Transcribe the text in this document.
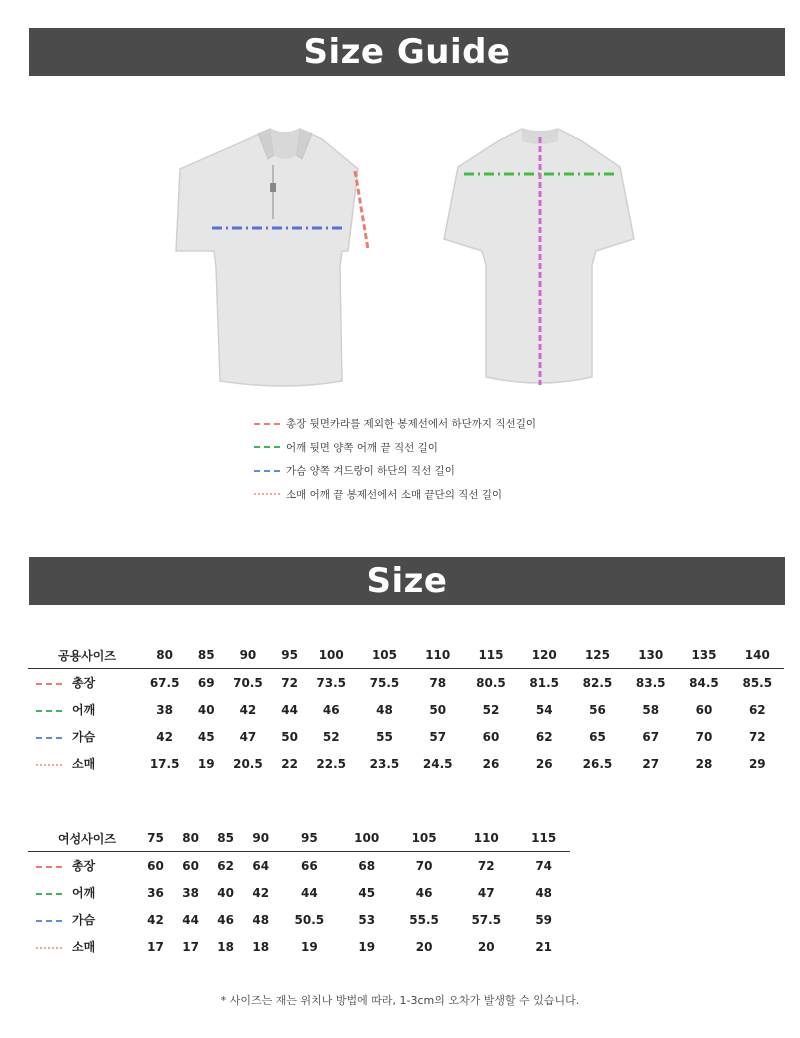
Size Guide
총장 뒷면카라를 제외한 봉제선에서 하단까지 직선길이
어깨 뒷면 양쪽 어깨 끝 직선 길이
가슴 양쪽 겨드랑이 하단의 직선 길이
소매 어깨 끝 봉제선에서 소매 끝단의 직선 길이
Size
공용사이즈	80	85	90	95	100	105	110	115	120	125	130	135	140
총장	67.5	69	70.5	72	73.5	75.5	78	80.5	81.5	82.5	83.5	84.5	85.5
어깨	38	40	42	44	46	48	50	52	54	56	58	60	62
가슴	42	45	47	50	52	55	57	60	62	65	67	70	72
소매	17.5	19	20.5	22	22.5	23.5	24.5	26	26	26.5	27	28	29
여성사이즈	75	80	85	90	95	100	105	110	115
총장	60	60	62	64	66	68	70	72	74
어깨	36	38	40	42	44	45	46	47	48
가슴	42	44	46	48	50.5	53	55.5	57.5	59
소매	17	17	18	18	19	19	20	20	21
* 사이즈는 재는 위치나 방법에 따라, 1-3cm의 오차가 발생할 수 있습니다.
